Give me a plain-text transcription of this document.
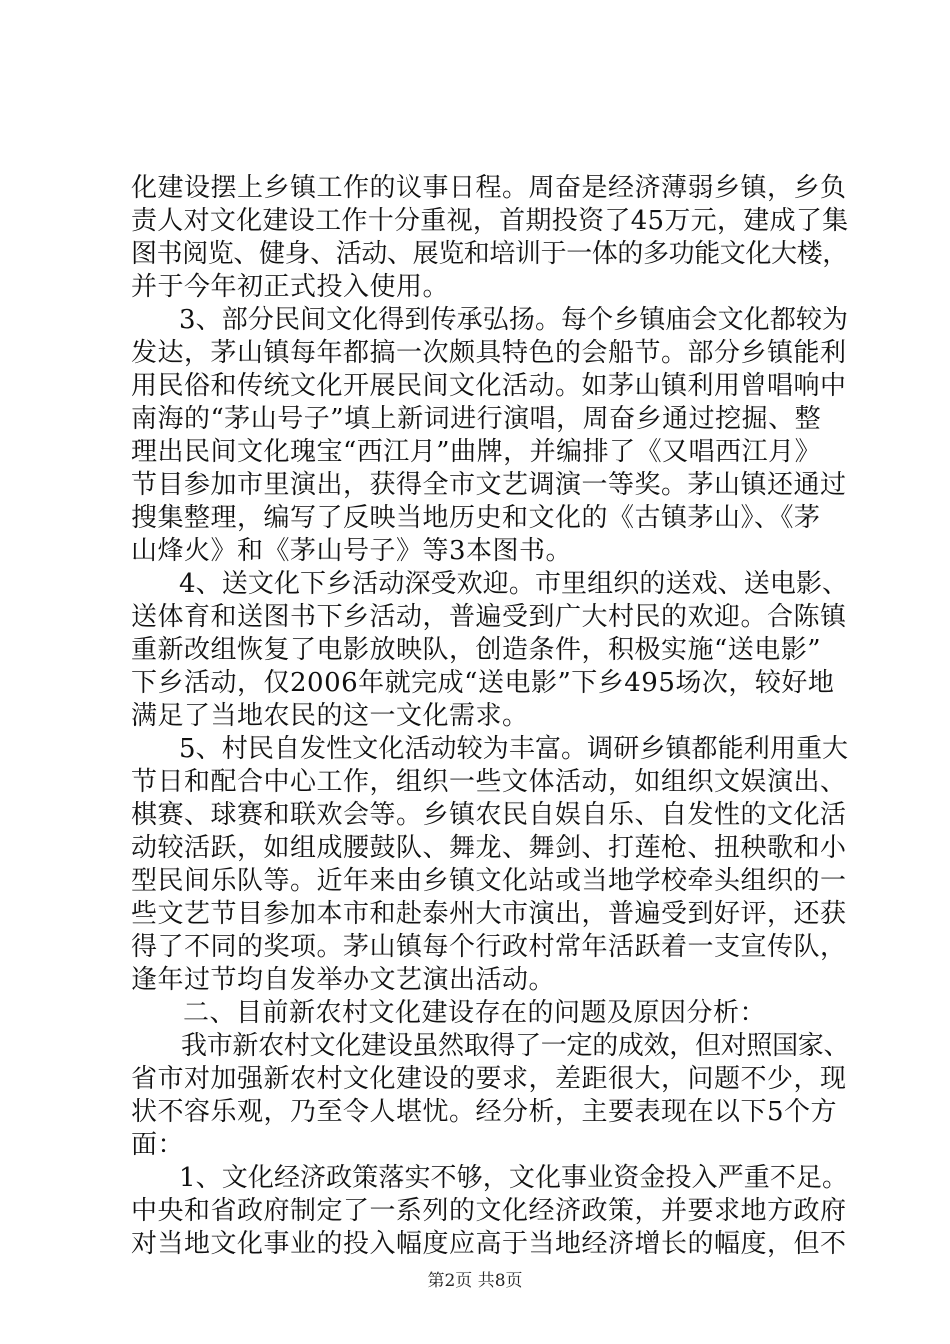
化建设摆上乡镇工作的议事日程。周奋是经济薄弱乡镇，乡负
责人对文化建设工作十分重视，首期投资了45万元，建成了集
图书阅览、健身、活动、展览和培训于一体的多功能文化大楼，
并于今年初正式投入使用。
3、部分民间文化得到传承弘扬。每个乡镇庙会文化都较为
发达，茅山镇每年都搞一次颇具特色的会船节。部分乡镇能利
用民俗和传统文化开展民间文化活动。如茅山镇利用曾唱响中
南海的“茅山号子”填上新词进行演唱，周奋乡通过挖掘、整
理出民间文化瑰宝“西江月”曲牌，并编排了《又唱西江月》
节目参加市里演出，获得全市文艺调演一等奖。茅山镇还通过
搜集整理，编写了反映当地历史和文化的《古镇茅山》、《茅
山烽火》和《茅山号子》等3本图书。
4、送文化下乡活动深受欢迎。市里组织的送戏、送电影、
送体育和送图书下乡活动，普遍受到广大村民的欢迎。合陈镇
重新改组恢复了电影放映队，创造条件，积极实施“送电影”
下乡活动，仅2006年就完成“送电影”下乡495场次，较好地
满足了当地农民的这一文化需求。
5、村民自发性文化活动较为丰富。调研乡镇都能利用重大
节日和配合中心工作，组织一些文体活动，如组织文娱演出、
棋赛、球赛和联欢会等。乡镇农民自娱自乐、自发性的文化活
动较活跃，如组成腰鼓队、舞龙、舞剑、打莲枪、扭秧歌和小
型民间乐队等。近年来由乡镇文化站或当地学校牵头组织的一
些文艺节目参加本市和赴泰州大市演出，普遍受到好评，还获
得了不同的奖项。茅山镇每个行政村常年活跃着一支宣传队，
逢年过节均自发举办文艺演出活动。
二、目前新农村文化建设存在的问题及原因分析：
我市新农村文化建设虽然取得了一定的成效，但对照国家、
省市对加强新农村文化建设的要求，差距很大，问题不少，现
状不容乐观，乃至令人堪忧。经分析，主要表现在以下5个方
面：
1、文化经济政策落实不够，文化事业资金投入严重不足。
中央和省政府制定了一系列的文化经济政策，并要求地方政府
对当地文化事业的投入幅度应高于当地经济增长的幅度，但不
第2页 共8页
